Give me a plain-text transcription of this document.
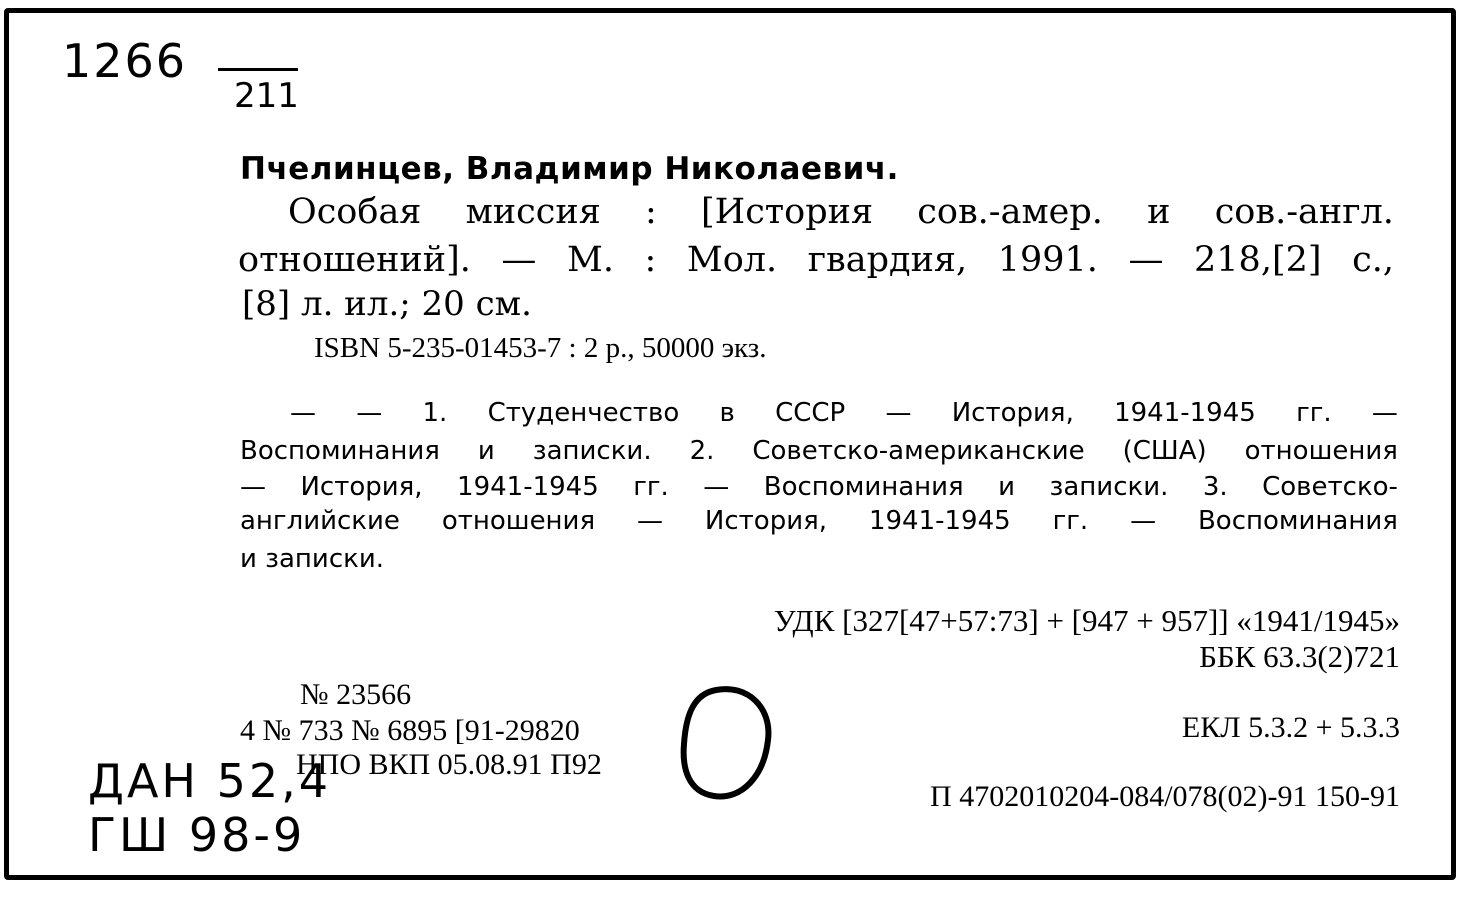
1266
211
Пчелинцев, Владимир Николаевич.
Особая миссия : [История сов.-амер. и сов.-англ.
отношений]. — М. : Мол. гвардия, 1991. — 218,[2] с.,
[8] л. ил.; 20 см.
ISBN 5-235-01453-7 : 2 р., 50000 экз.
— — 1. Студенчество в СССР — История, 1941-1945 гг. —
Воспоминания и записки. 2. Советско-американские (США) отношения
— История, 1941-1945 гг. — Воспоминания и записки. 3. Советско-
английские отношения — История, 1941-1945 гг. — Воспоминания
и записки.
УДК [327[47+57:73] + [947 + 957]] «1941/1945»
ББК 63.3(2)721
№ 23566
4 № 733 № 6895 [91-29820
НПО ВКП 05.08.91 П92
ЕКЛ 5.3.2 + 5.3.3
П 4702010204-084/078(02)-91 150-91
ДАН 52,4
ГШ 98-9
